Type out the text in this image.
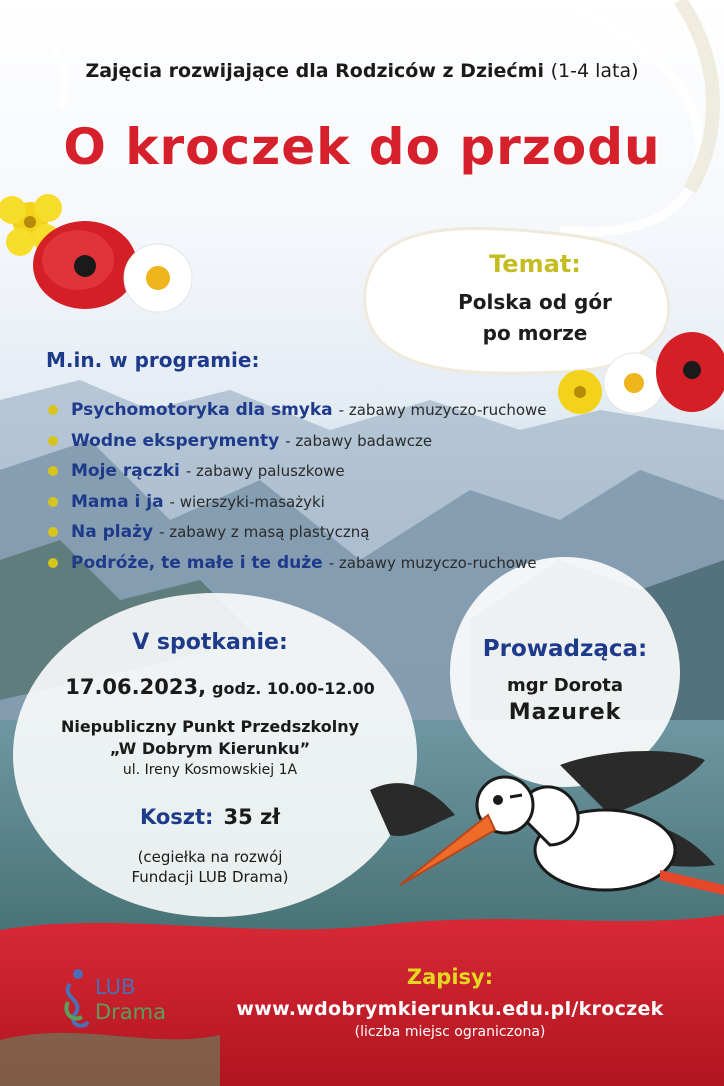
LUB
Drama
Zajęcia rozwijające dla Rodziców z Dziećmi (1-4 lata)
O kroczek do przodu
Temat:
Polska od gór
po morze
M.in. w programie:
Psychomotoryka dla smyka - zabawy muzyczo-ruchowe
Wodne eksperymenty - zabawy badawcze
Moje rączki - zabawy paluszkowe
Mama i ja - wierszyki-masażyki
Na plaży - zabawy z masą plastyczną
Podróże, te małe i te duże - zabawy muzyczo-ruchowe
V spotkanie:
17.06.2023, godz. 10.00-12.00
Niepubliczny Punkt Przedszkolny
„W Dobrym Kierunku”
ul. Ireny Kosmowskiej 1A
Koszt: 35 zł
(cegiełka na rozwój
Fundacji LUB Drama)
Prowadząca:
mgr Dorota
Mazurek
Zapisy:
www.wdobrymkierunku.edu.pl/kroczek
(liczba miejsc ograniczona)
